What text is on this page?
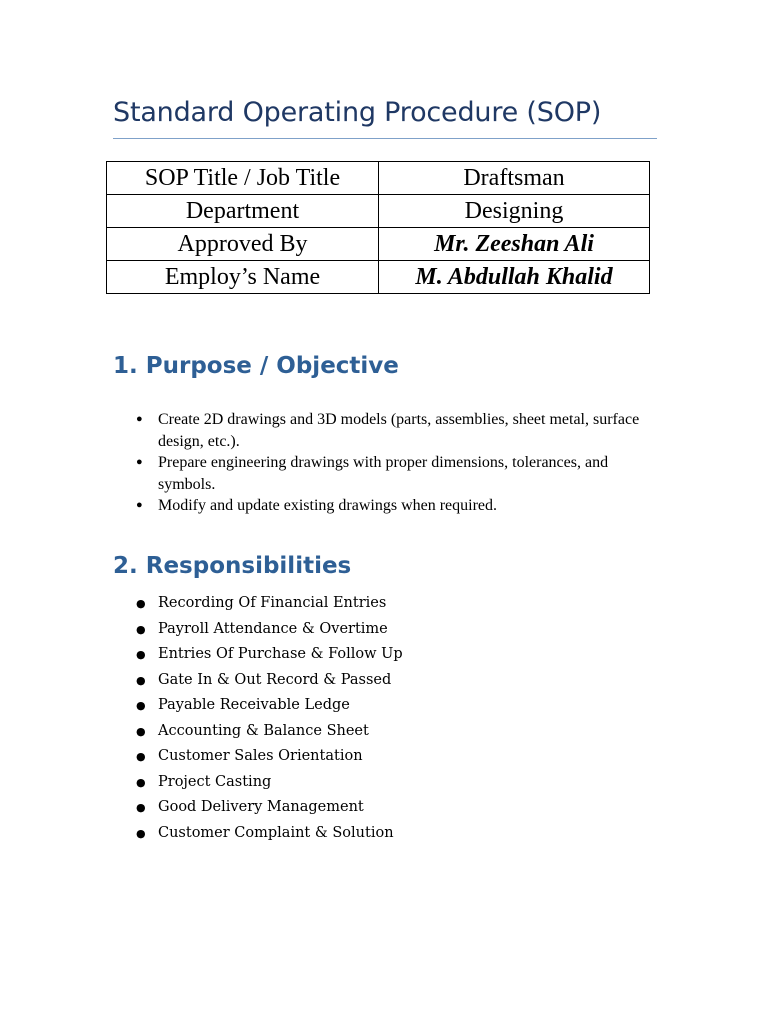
Standard Operating Procedure (SOP)
SOP Title / Job Title	Draftsman
Department	Designing
Approved By	Mr. Zeeshan Ali
Employ’s Name	M. Abdullah Khalid
1. Purpose / Objective
● Create 2D drawings and 3D models (parts, assemblies, sheet metal, surface design, etc.).
● Prepare engineering drawings with proper dimensions, tolerances, and symbols.
● Modify and update existing drawings when required.
2. Responsibilities
● Recording Of Financial Entries
● Payroll Attendance & Overtime
● Entries Of Purchase & Follow Up
● Gate In & Out Record & Passed
● Payable Receivable Ledge
● Accounting & Balance Sheet
● Customer Sales Orientation
● Project Casting
● Good Delivery Management
● Customer Complaint & Solution
